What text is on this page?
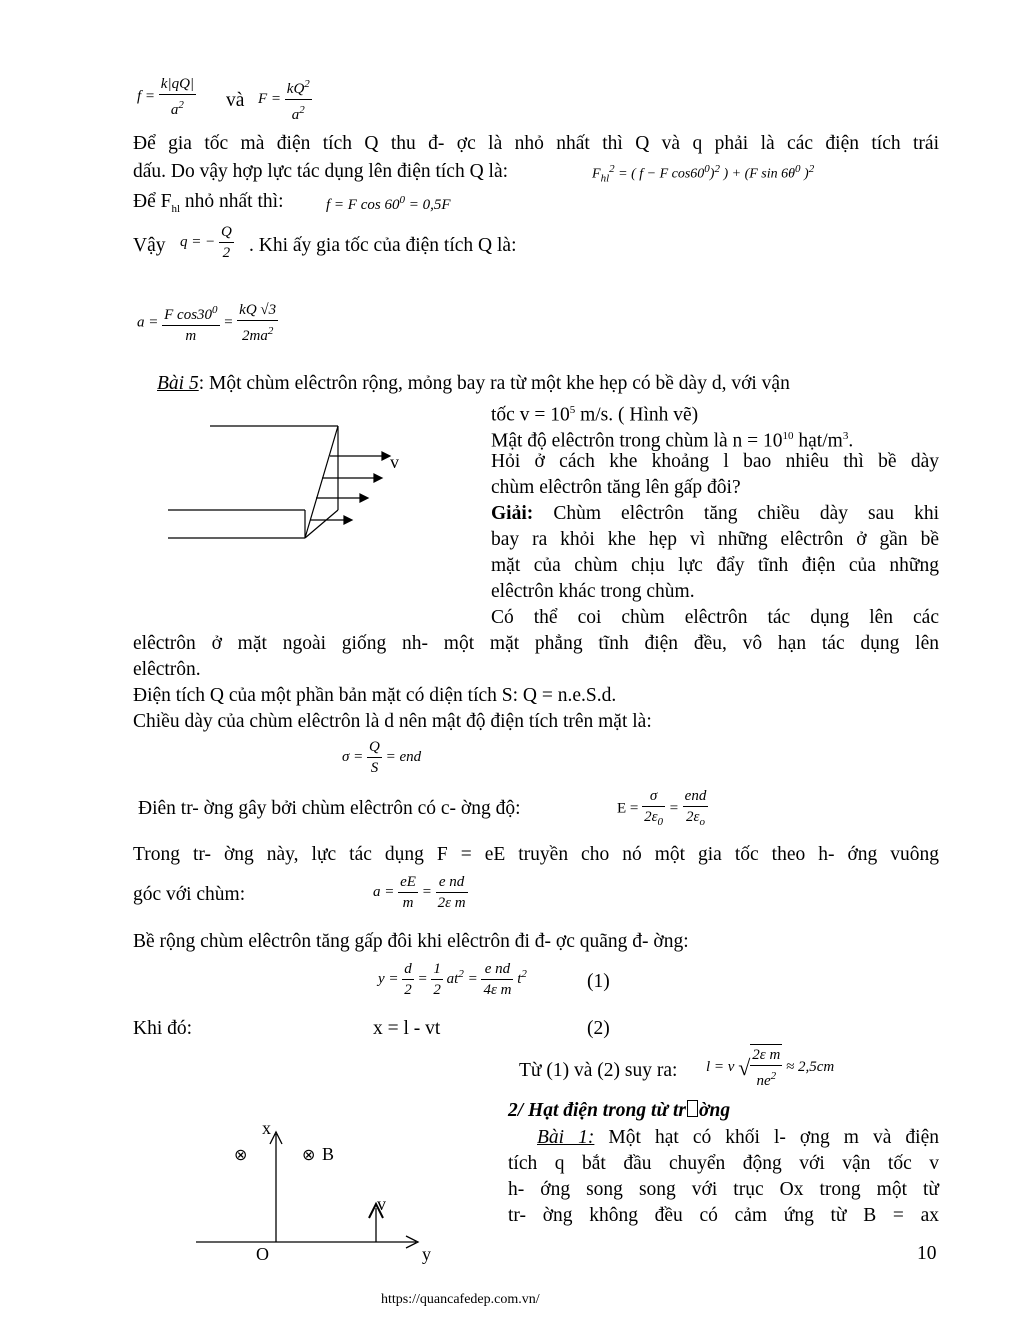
$f = \frac{k|qQ|}{a^2}$ và $F = \frac{kQ^2}{a^2}$
Để gia tốc mà điện tích Q thu đ- ợc là nhỏ nhất thì Q và q phải là các điện tích trái
dấu. Do vậy hợp lực tác dụng lên điện tích Q là:	$F_{hl}^2$ = ( f − F $\cos 60^0)^2$ ) + (F $\sin 6\theta^0$ )$^2$
Để $F_{hl}$ nhỏ nhất thì:	f = F $\cos 60^0 = 0,5F$
Vậy q = − $\frac{Q}{2}$ . Khi ấy gia tốc của điện tích Q là:
$a = \frac{F \cos 30^0}{m} = \frac{kQ √3}{2ma^2}$
Bài 5: Một chùm elêctrôn rộng, mỏng bay ra từ một khe hẹp có bề dày d, với vận
tốc $v = 10^5$ m/s. ( Hình vẽ)
Mật độ elêctrôn trong chùm là $n = 10^{10}$ hạt/$m^3$.
Hỏi ở cách khe khoảng l bao nhiêu thì bề dày
chùm elêctrôn tăng lên gấp đôi?
Giải: Chùm elêctrôn tăng chiều dày sau khi
bay ra khỏi khe hẹp vì những elêctrôn ở gần bề
mặt của chùm chịu lực đẩy tĩnh điện của những
elêctrôn khác trong chùm.
Có thể coi chùm elêctrôn tác dụng lên các
elêctrôn ở mặt ngoài giống nh- một mặt phẳng tĩnh điện đều, vô hạn tác dụng lên
elêctrôn.
v
Điện tích Q của một phần bản mặt có diện tích S: Q = n.e.S.d.
Chiều dày của chùm elêctrôn là d nên mật độ điện tích trên mặt là:
$\sigma = \frac{Q}{S}$ = end
Điên tr- ờng gây bởi chùm elêctrôn có c- ờng độ:	$E = \frac{\sigma}{2\varepsilon_0} = \frac{\text{end}}{2\varepsilon_o}$
Trong tr- ờng này, lực tác dụng F = eE truyền cho nó một gia tốc theo h- ớng vuông
góc với chùm:	$a = \frac{eE}{m} = \frac{\text{e nd}}{\text{2ε m}}$
Bề rộng chùm elêctrôn tăng gấp đôi khi elêctrôn đi đ- ợc quãng đ- ờng:
$y = \frac{d}{2} = \frac{1}{2} at^2 = \frac{\text{e nd}}{\text{4ε m}} t^2$	(1)
Khi đó:	x = l - vt	(2)
Từ (1) và (2) suy ra: l = v √ $\frac{\text{2ε m}}{ne^2} \approx 2,5cm$
2/ Hạt điện trong từ tr ờng
Bài 1: Một hạt có khối l- ợng m và điện
tích q bắt đầu chuyển động với vận tốc v
h- ớng song song với trục Ox trong một từ
tr- ờng không đều có cảm ứng từ B = ax
x
y
O
v
⊗	⊗ B
10
https://quancafedep.com.vn/
